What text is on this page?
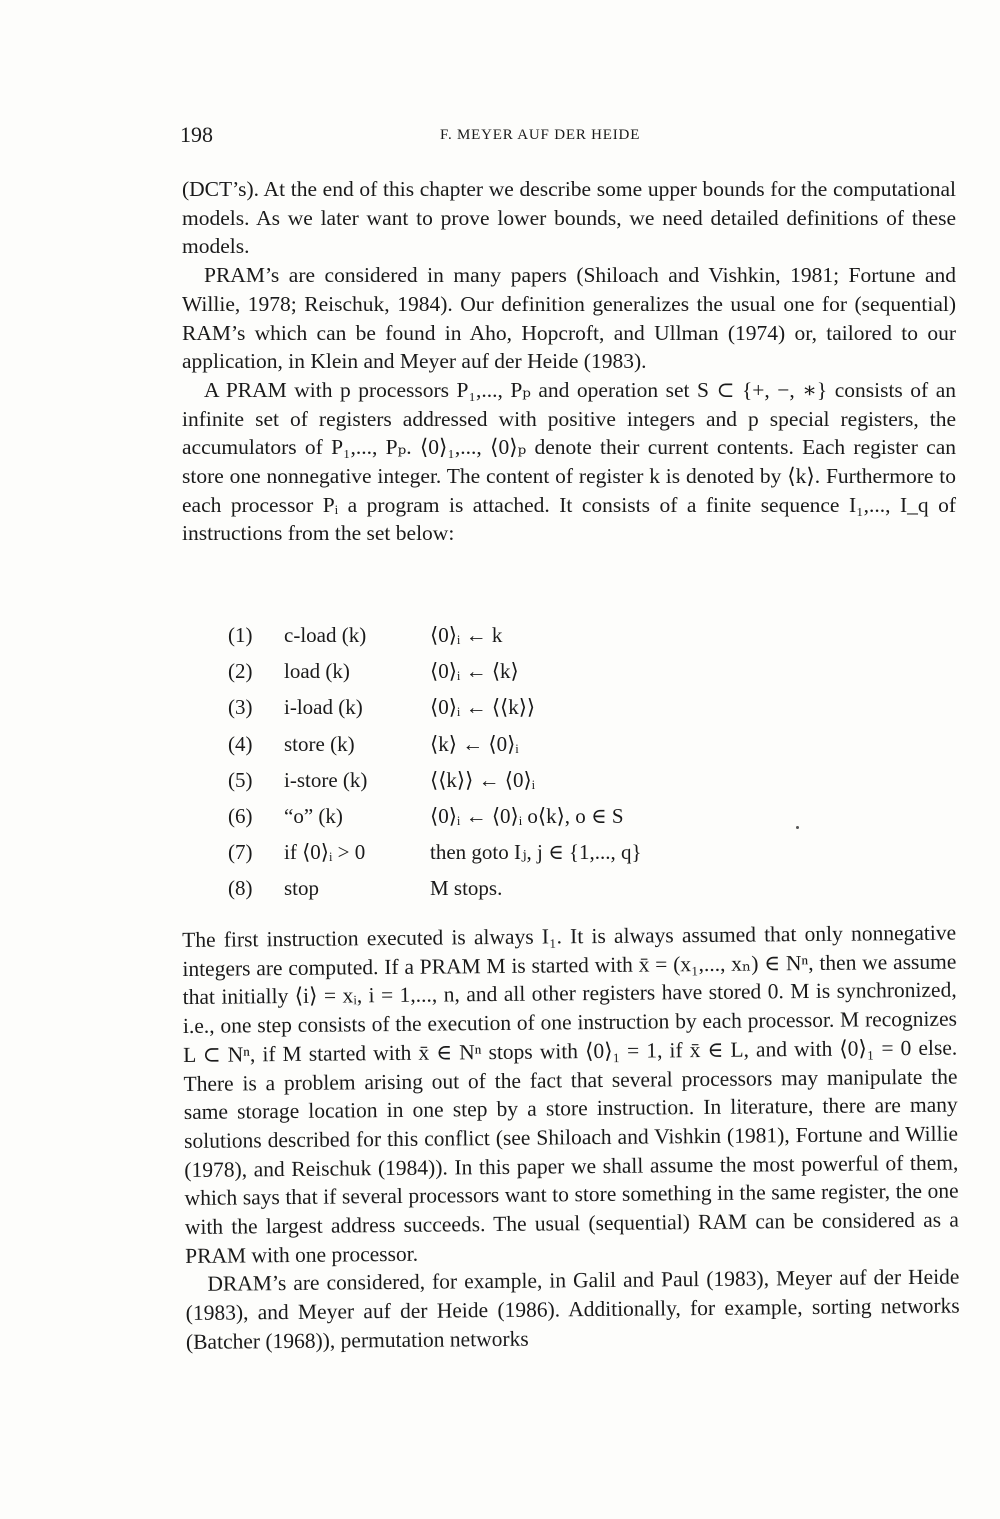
198	F. MEYER AUF DER HEIDE

(DCT’s). At the end of this chapter we describe some upper bounds for the computational models. As we later want to prove lower bounds, we need detailed definitions of these models.

PRAM’s are considered in many papers (Shiloach and Vishkin, 1981; Fortune and Willie, 1978; Reischuk, 1984). Our definition generalizes the usual one for (sequential) RAM’s which can be found in Aho, Hopcroft, and Ullman (1974) or, tailored to our application, in Klein and Meyer auf der Heide (1983).

A PRAM with p processors P₁,..., Pₚ and operation set S ⊂ {+, −, ∗} consists of an infinite set of registers addressed with positive integers and p special registers, the accumulators of P₁,..., Pₚ. ⟨0⟩₁,..., ⟨0⟩ₚ denote their current contents. Each register can store one nonnegative integer. The content of register k is denoted by ⟨k⟩. Furthermore to each processor Pᵢ a program is attached. It consists of a finite sequence I₁,..., I_q of instructions from the set below:

(1) c-load (k)	⟨0⟩ᵢ ← k
(2) load (k)	⟨0⟩ᵢ ← ⟨k⟩
(3) i-load (k)	⟨0⟩ᵢ ← ⟨⟨k⟩⟩
(4) store (k)	⟨k⟩ ← ⟨0⟩ᵢ
(5) i-store (k)	⟨⟨k⟩⟩ ← ⟨0⟩ᵢ
(6) “o” (k)	⟨0⟩ᵢ ← ⟨0⟩ᵢ o⟨k⟩, o ∈ S
(7) if ⟨0⟩ᵢ > 0	then goto Iⱼ, j ∈ {1,..., q}
(8) stop	M stops.

The first instruction executed is always I₁. It is always assumed that only nonnegative integers are computed. If a PRAM M is started with x̄ = (x₁,..., xₙ) ∈ Nⁿ, then we assume that initially ⟨i⟩ = xᵢ, i = 1,..., n, and all other registers have stored 0. M is synchronized, i.e., one step consists of the execution of one instruction by each processor. M recognizes L ⊂ Nⁿ, if M started with x̄ ∈ Nⁿ stops with ⟨0⟩₁ = 1, if x̄ ∈ L, and with ⟨0⟩₁ = 0 else. There is a problem arising out of the fact that several processors may manipulate the same storage location in one step by a store instruction. In literature, there are many solutions described for this conflict (see Shiloach and Vishkin (1981), Fortune and Willie (1978), and Reischuk (1984)). In this paper we shall assume the most powerful of them, which says that if several processors want to store something in the same register, the one with the largest address succeeds. The usual (sequential) RAM can be considered as a PRAM with one processor.

DRAM’s are considered, for example, in Galil and Paul (1983), Meyer auf der Heide (1983), and Meyer auf der Heide (1986). Additionally, for example, sorting networks (Batcher (1968)), permutation networks
